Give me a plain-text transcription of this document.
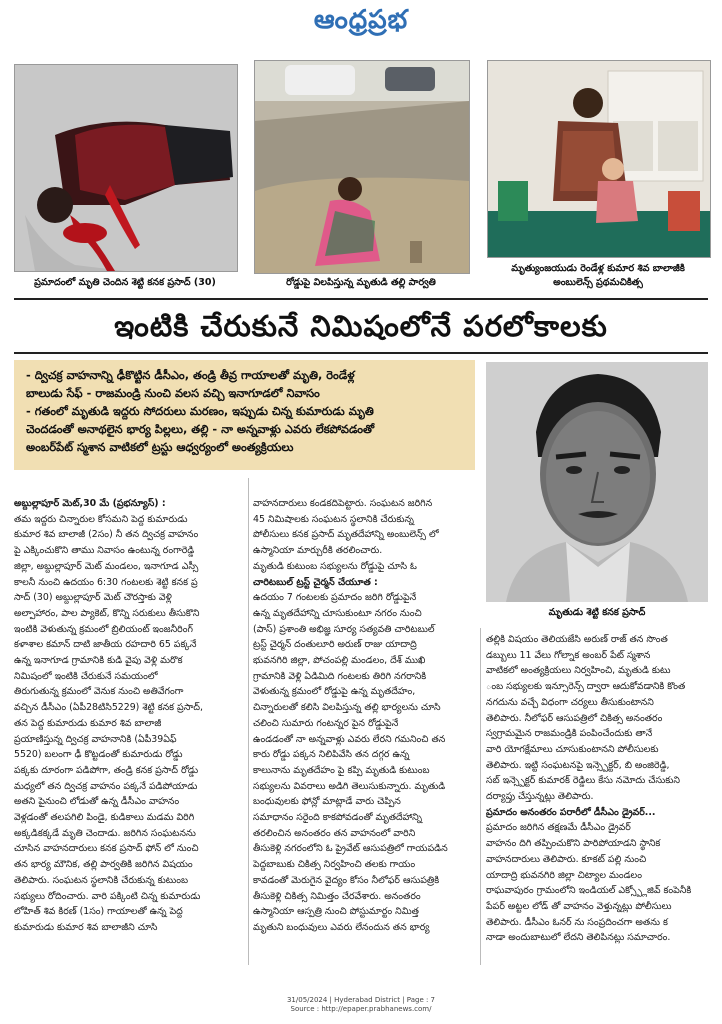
ఆంధ్రప్రభ
ప్రమాదంలో మృతి చెందిన శెట్టి కనక ప్రసాద్ (30)	రోడ్డుపై విలపిస్తున్న మృతుడి తల్లి పార్వతి
మృత్యుంజయుడు రెండేళ్ల కుమార శివ బాలాజీకి
అంబులెన్స్ ప్రథమచికిత్స
ఇంటికి చేరుకునే నిమిషంలోనే పరలోకాలకు
- ద్విచక్ర వాహనాన్ని ఢీకొట్టిన డీసీఎం, తండ్రి తీవ్ర గాయాలతో మృతి, రెండేళ్ల
బాలుడు సేఫ్ - రాజమండ్రి నుంచి వలస వచ్చి ఇనాగూడలో నివాసం
- గతంలో మృతుడి ఇద్దరు సోదరులు మరణం, ఇప్పుడు చిన్న కుమారుడు మృతి
చెందడంతో అనాథలైన భార్య పిల్లలు, తల్లి - నా అన్నవాళ్లు ఎవరు లేకపోవడంతో
అంబర్‌పేట్ స్మశాన వాటికలో ట్రస్టు ఆధ్వర్యంలో అంత్యక్రియలు
మృతుడు శెట్టి కనక ప్రసాద్
అబ్దుల్లాపూర్ మెట్,30 మే (ప్రభన్యూస్) :
తమ ఇద్దరు చిన్నారుల కోసమని పెద్ద కుమారుడు
కుమార శివ బాలాజీ (2సం) నీ తన ద్విచక్ర వాహనం
పై ఎక్కించుకొని తాము నివాసం ఉంటున్న రంగారెడ్డి
జిల్లా, అబ్దుల్లాపూర్ మెట్ మండలం, ఇనాగూడ ఎస్సీ
కాలనీ నుంచి ఉదయం 6:30 గంటలకు శెట్టి కనక ప్ర
సాద్ (30) అబ్దుల్లాపూర్ మెట్ చౌరస్తాకు వెళ్లి
అల్పాహారం, పాల ప్యాకెట్, కొన్ని సరుకులు తీసుకొని
ఇంటికి వెళుతున్న క్రమంలో బ్రిలియంట్ ఇంజనీరింగ్
కళాశాల కమాన్ దాటి జాతీయ రహదారి 65 పక్కనే
ఉన్న ఇనాగూడ గ్రామానికి కుడి వైపు వెళ్లి మరొక
నిమిషంలో ఇంటికి చేరుకునే సమయంలో
తిరుగుతున్న క్రమంలో వెనుక నుంచి అతివేగంగా
వచ్చిన డీసీఎం (ఏపీ28టిసి5229) శెట్టి కనక ప్రసాద్,
తన పెద్ద కుమారుడు కుమార శివ బాలాజీ
ప్రయాణిస్తున్న ద్విచక్ర వాహనానికి (ఏపీ39ఏఫ్
5520) బలంగా ఢీ కొట్టడంతో కుమారుడు రోడ్డు
పక్కకు దూరంగా పడిపోగా, తండ్రి కనక ప్రసాద్ రోడ్డు
మధ్యలో తన ద్విచక్ర వాహనం పక్కనే పడిపోయాడు
అతని పైనుంచి లోడుతో ఉన్న డీసీఎం వాహనం
వెళ్లడంతో తలపగిలి పిండై, కుడికాలు మడమ విరిగి
అక్కడికక్కడే మృతి చెందాడు. జరిగిన సంఘటనను
చూసిన వాహనదారులు కనక ప్రసాద్ ఫోన్ లో నుంచి
తన భార్య మౌనిక, తల్లి పార్వతికి జరిగిన విషయం
తెలిపారు. సంఘటన స్థలానికి చేరుకున్న కుటుంబ
సభ్యులు రోదించారు. వారి పక్కింటి చిన్న కుమారుడు
లోహిత్ శివ కిరణ్ (1సం) గాయాలతో ఉన్న పెద్ద
కుమారుడు కుమార శివ బాలాజీని చూసి
వాహనదారులు కండకదిపెట్టారు. సంఘటన జరిగిన
45 నిమిషాలకు సంఘటన స్థలానికి చేరుకున్న
పోలీసులు కనక ప్రసాద్ మృతదేహాన్ని అంబులెన్స్ లో
ఉస్మానియా మార్చురీకి తరలించారు.
మృతుడి కుటుంబ సభ్యులను రోడ్డుపై చూసి ఓ
చారిటబుల్ ట్రస్ట్ చైర్మన్ చేయూత :
ఉదయం 7 గంటలకు ప్రమాదం జరిగి రోడ్డుపైనే
ఉన్న మృతదేహాన్ని చూసుకుంటూ నగరం నుంచి
(పాస్) ప్రశాంతి అభిజ్ఞ సూర్య సత్యవతి చారిటబుల్
ట్రస్ట్ చైర్మన్ దంతులూరి అరుణ్ రాజు యాదాద్రి
భువనగిరి జిల్లా, పోచంపల్లి మండలం, దేశ్ ముఖి
గ్రామానికి వెళ్లి ఏడిమిది గంటలకు తిరిగి నగరానికి
వెళుతున్న క్రమంలో రోడ్డుపై ఉన్న మృతదేహం,
చిన్నారులతో కలిసి విలపిస్తున్న తల్లి భార్యలను చూసి
చలించి సుమారు గంటన్నర పైన రోడ్డుపైనే
ఉండడంతో నా అన్నవాళ్లు ఎవరు లేరని గమనించి తన
కారు రోడ్డు పక్కన నిలిపివేసి తన దగ్గర ఉన్న
కాలునాను మృతదేహం పై కప్పి మృతుడి కుటుంబ
సభ్యులను వివరాలు అడిగి తెలుసుకున్నారు. మృతుడి
బంధువులకు ఫోన్లో మాట్లాడే వారు చెప్పిన
సమాధానం సరైంది కాకపోవడంతో మృతదేహాన్ని
తరలించిన అనంతరం తన వాహనంలో వారిని
తీసుకెళ్లి నగరంలోని ఓ ప్రైవేట్ ఆసుపత్రిలో గాయపడిన
పెద్దబాబుకు చికిత్స నిర్వహించి తలకు గాయం
కావడంతో మెరుగైన వైద్యం కోసం నీలోఫర్ ఆసుపత్రికి
తీసుకెళ్లి చికిత్స నిమిత్తం చేరవేశారు. అనంతరం
ఉస్మానియా ఆస్పత్రి నుంచి పోస్టుమార్టం నిమిత్త
మృతుని బంధువులు ఎవరు లేనందున తన భార్య
తల్లికి విషయం తెలియజేసి అరుణ్ రాజ్ తన సొంత
డబ్బులు 11 వేలు గోల్నాక అంబర్ పేట్ స్మశాన
వాటికలో అంత్యక్రియలు నిర్వహించి, మృతుడి కుటు
ంబ సభ్యులకు ఇన్సూరెన్స్ ద్వారా ఆదుకోవడానికి కొంత
నగదును వచ్చే విధంగా చర్యలు తీసుకుంటానని
తెలిపారు. నీలోఫర్ ఆసుపత్రిలో చికిత్స అనంతరం
స్వగ్రామమైన రాజమండ్రికి పంపించేందుకు తానే
వారి యోగక్షేమాలు చూసుకుంటానని పోలీసులకు
తెలిపారు. ఇట్టి సంఘటనపై ఇన్స్పెక్టర్, బి అంజిరెడ్డి,
సబ్ ఇన్స్పెక్టర్ కుమారక్ రెడ్డిలు కేసు నమోదు చేసుకుని
దర్యాప్తు చేస్తున్నట్లు తెలిపారు.
ప్రమాదం అనంతరం పరారీలో డీసీఎం డ్రైవర్...
ప్రమాదం జరిగిన తక్షణమే డీసీఎం డ్రైవర్
వాహనం దిగి తప్పించుకొని పారిపోయాడని స్థానిక
వాహనదారులు తెలిపారు. కూకట్ పల్లి నుంచి
యాదాద్రి భువనగిరి జిల్లా చిట్యాల మండలం
రాఘవాపురం గ్రామంలోని ఇండియల్ ఎక్స్ప్లోజివ్ కంపెనీకి
పేపర్ అట్టల లోడ్ తో వాహనం వెళ్తున్నట్లు పోలీసులు
తెలిపారు. డీసీఎం ఓనర్ ను సంప్రదించగా అతను క
నాడా అందుబాటులో లేదని తెలిపినట్లు సమాచారం.
31/05/2024 | Hyderabad District | Page : 7
Source : http://epaper.prabhanews.com/
